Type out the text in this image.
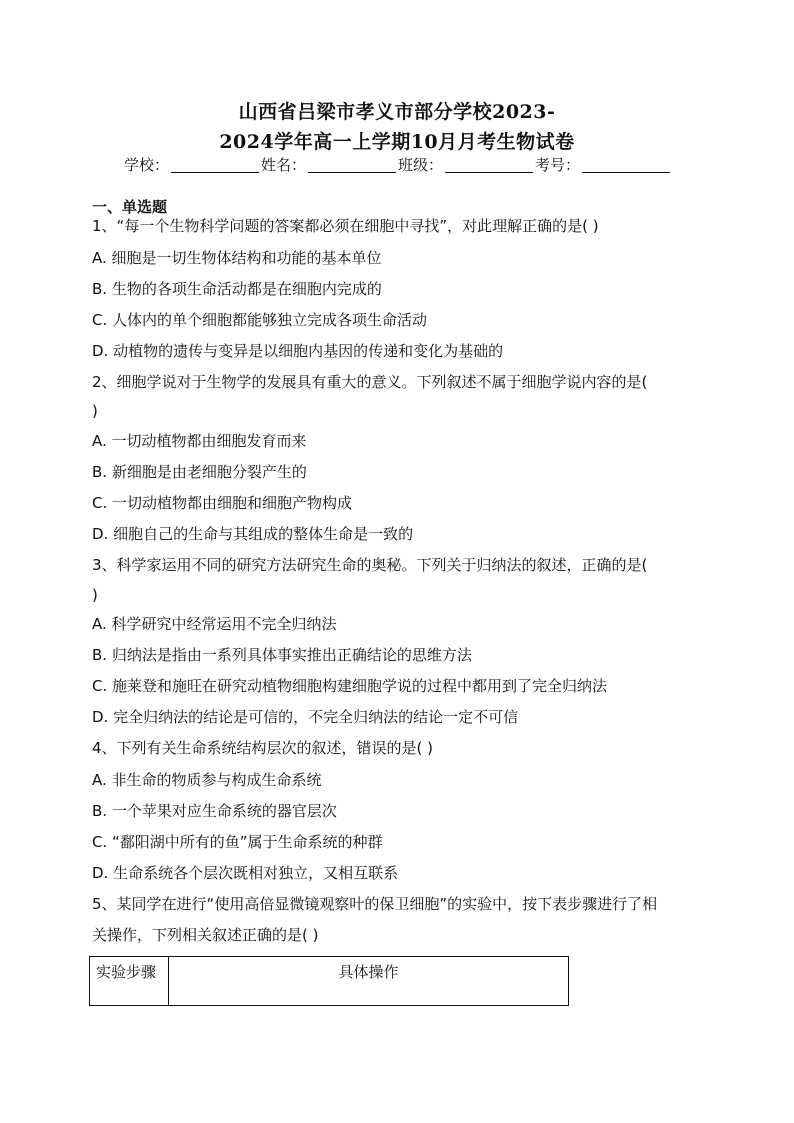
山西省吕梁市孝义市部分学校2023-
2024学年高一上学期10月月考生物试卷
学校：	姓名：	班级：	考号：
一、单选题
1、“每一个生物科学问题的答案都必须在细胞中寻找”，对此理解正确的是( )
A. 细胞是一切生物体结构和功能的基本单位
B. 生物的各项生命活动都是在细胞内完成的
C. 人体内的单个细胞都能够独立完成各项生命活动
D. 动植物的遗传与变异是以细胞内基因的传递和变化为基础的
2、细胞学说对于生物学的发展具有重大的意义。下列叙述不属于细胞学说内容的是(
)
A. 一切动植物都由细胞发育而来
B. 新细胞是由老细胞分裂产生的
C. 一切动植物都由细胞和细胞产物构成
D. 细胞自己的生命与其组成的整体生命是一致的
3、科学家运用不同的研究方法研究生命的奥秘。下列关于归纳法的叙述，正确的是(
)
A. 科学研究中经常运用不完全归纳法
B. 归纳法是指由一系列具体事实推出正确结论的思维方法
C. 施莱登和施旺在研究动植物细胞构建细胞学说的过程中都用到了完全归纳法
D. 完全归纳法的结论是可信的，不完全归纳法的结论一定不可信
4、下列有关生命系统结构层次的叙述，错误的是( )
A. 非生命的物质参与构成生命系统
B. 一个苹果对应生命系统的器官层次
C. “鄱阳湖中所有的鱼”属于生命系统的种群
D. 生命系统各个层次既相对独立，又相互联系
5、某同学在进行“使用高倍显微镜观察叶的保卫细胞”的实验中，按下表步骤进行了相
关操作，下列相关叙述正确的是( )
实验步骤	具体操作
